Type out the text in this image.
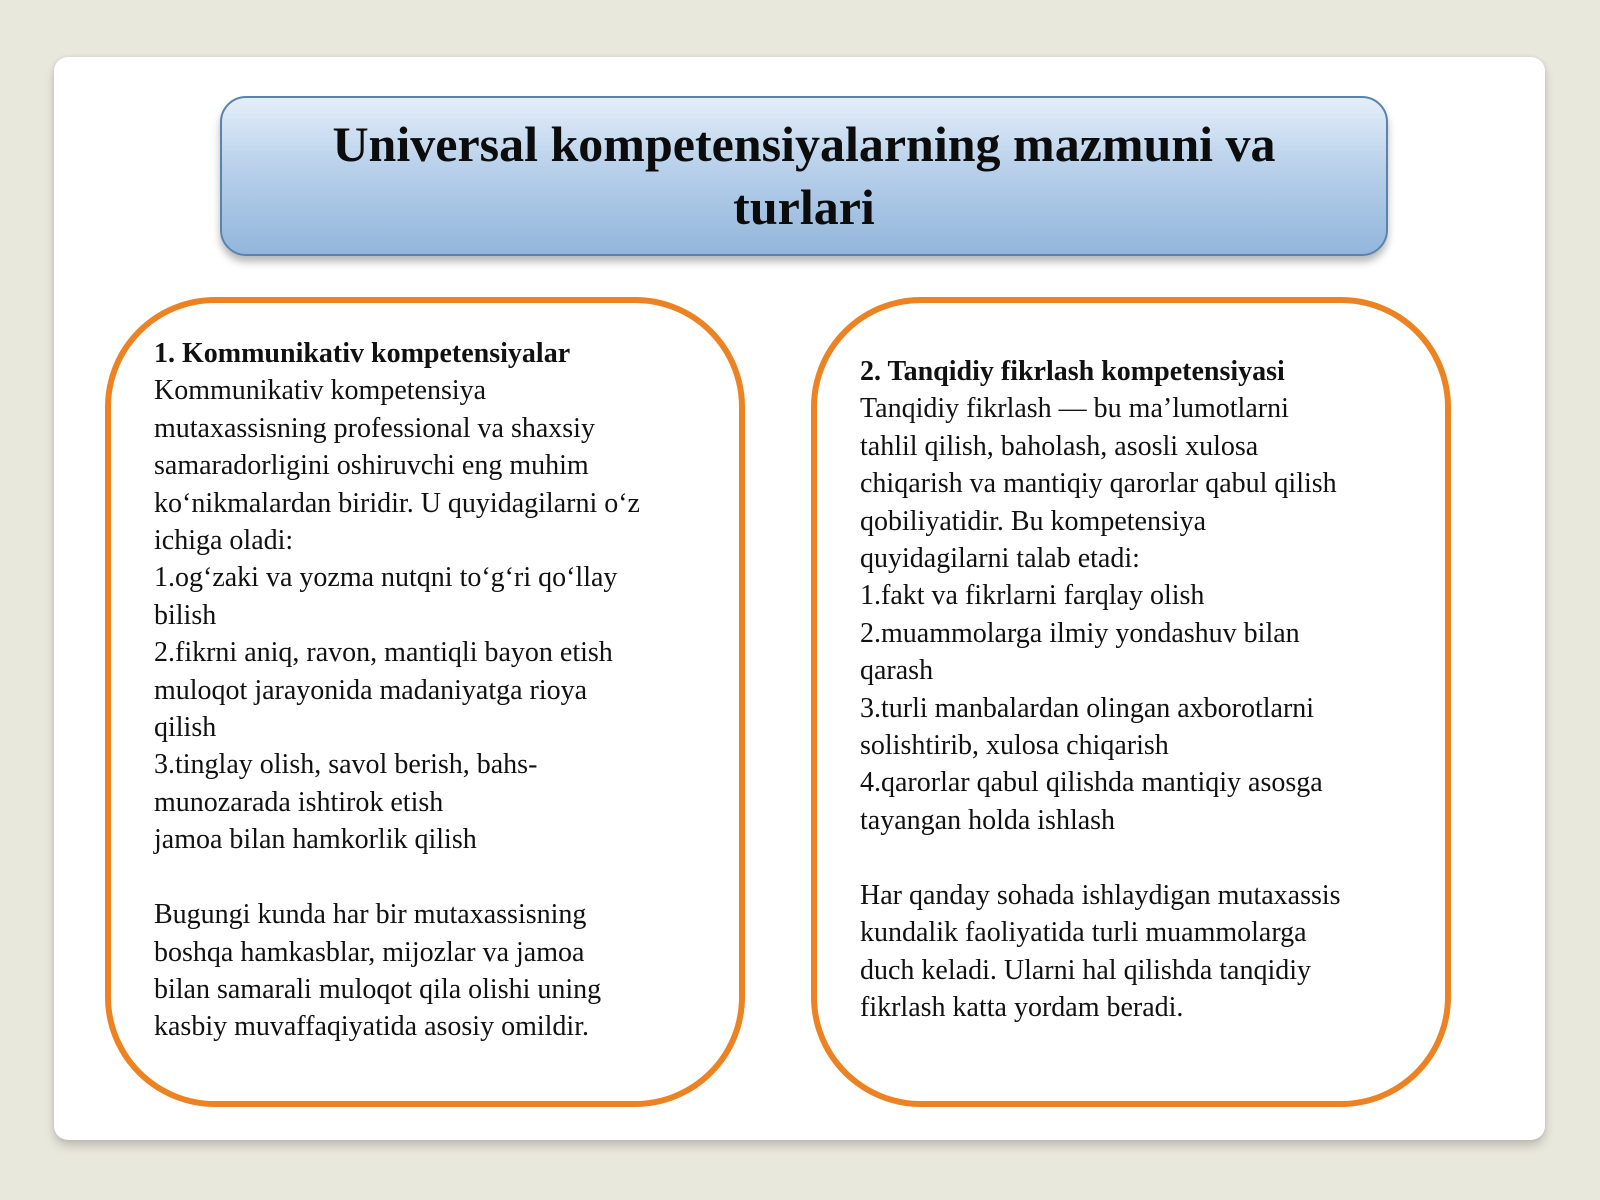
Universal kompetensiyalarning mazmuni va turlari
1. Kommunikativ kompetensiyalar
Kommunikativ kompetensiya
mutaxassisning professional va shaxsiy
samaradorligini oshiruvchi eng muhim
ko‘nikmalardan biridir. U quyidagilarni o‘z
ichiga oladi:
1.og‘zaki va yozma nutqni to‘g‘ri qo‘llay
bilish
2.fikrni aniq, ravon, mantiqli bayon etish
muloqot jarayonida madaniyatga rioya
qilish
3.tinglay olish, savol berish, bahs-
munozarada ishtirok etish
jamoa bilan hamkorlik qilish

Bugungi kunda har bir mutaxassisning
boshqa hamkasblar, mijozlar va jamoa
bilan samarali muloqot qila olishi uning
kasbiy muvaffaqiyatida asosiy omildir.
2. Tanqidiy fikrlash kompetensiyasi
Tanqidiy fikrlash — bu ma’lumotlarni
tahlil qilish, baholash, asosli xulosa
chiqarish va mantiqiy qarorlar qabul qilish
qobiliyatidir. Bu kompetensiya
quyidagilarni talab etadi:
1.fakt va fikrlarni farqlay olish
2.muammolarga ilmiy yondashuv bilan
qarash
3.turli manbalardan olingan axborotlarni
solishtirib, xulosa chiqarish
4.qarorlar qabul qilishda mantiqiy asosga
tayangan holda ishlash

Har qanday sohada ishlaydigan mutaxassis
kundalik faoliyatida turli muammolarga
duch keladi. Ularni hal qilishda tanqidiy
fikrlash katta yordam beradi.
